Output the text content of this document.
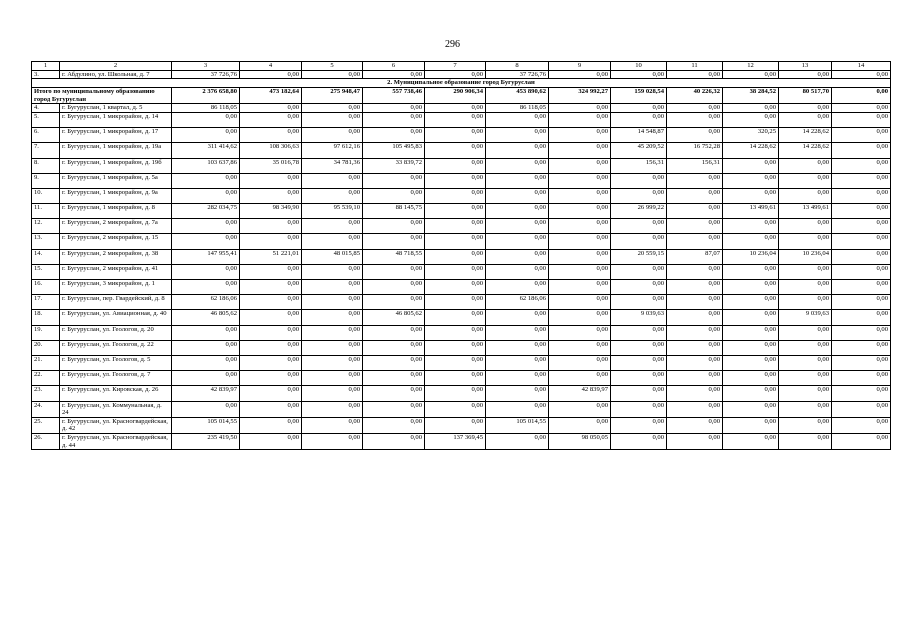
296
1	2	3	4	5	6	7	8	9	10	11	12	13	14
3.	г. Абдулино, ул. Школьная, д. 7	37 726,76	0,00	0,00	0,00	0,00	37 726,76	0,00	0,00	0,00	0,00	0,00	0,00
2. Муниципальное образование город Бугуруслан													
Итого по муниципальному образованию город Бугуруслан		2 376 658,80	473 182,64	275 948,47	557 738,46	290 906,34	453 890,62	324 992,27	159 028,54	40 226,32	38 284,52	80 517,70	0,00
4.	г. Бугуруслан, 1 квартал, д. 5	86 118,05	0,00	0,00	0,00	0,00	86 118,05	0,00	0,00	0,00	0,00	0,00	0,00
5.	г. Бугуруслан, 1 микрорайон, д. 14	0,00	0,00	0,00	0,00	0,00	0,00	0,00	0,00	0,00	0,00	0,00	0,00
6.	г. Бугуруслан, 1 микрорайон, д. 17	0,00	0,00	0,00	0,00	0,00	0,00	0,00	14 548,87	0,00	320,25	14 228,62	0,00
7.	г. Бугуруслан, 1 микрорайон, д. 19а	311 414,62	108 306,63	97 612,16	105 495,83	0,00	0,00	0,00	45 209,52	16 752,28	14 228,62	14 228,62	0,00
8.	г. Бугуруслан, 1 микрорайон, д. 19б	103 637,86	35 016,78	34 781,36	33 839,72	0,00	0,00	0,00	156,31	156,31	0,00	0,00	0,00
9.	г. Бугуруслан, 1 микрорайон, д. 5а	0,00	0,00	0,00	0,00	0,00	0,00	0,00	0,00	0,00	0,00	0,00	0,00
10.	г. Бугуруслан, 1 микрорайон, д. 9а	0,00	0,00	0,00	0,00	0,00	0,00	0,00	0,00	0,00	0,00	0,00	0,00
11.	г. Бугуруслан, 1 микрорайон, д. 8	282 034,75	98 349,90	95 539,10	88 145,75	0,00	0,00	0,00	26 999,22	0,00	13 499,61	13 499,61	0,00
12.	г. Бугуруслан, 2 микрорайон, д. 7а	0,00	0,00	0,00	0,00	0,00	0,00	0,00	0,00	0,00	0,00	0,00	0,00
13.	г. Бугуруслан, 2 микрорайон, д. 15	0,00	0,00	0,00	0,00	0,00	0,00	0,00	0,00	0,00	0,00	0,00	0,00
14.	г. Бугуруслан, 2 микрорайон, д. 38	147 955,41	51 221,01	48 015,85	48 718,55	0,00	0,00	0,00	20 559,15	87,07	10 236,04	10 236,04	0,00
15.	г. Бугуруслан, 2 микрорайон, д. 41	0,00	0,00	0,00	0,00	0,00	0,00	0,00	0,00	0,00	0,00	0,00	0,00
16.	г. Бугуруслан, 3 микрорайон, д. 1	0,00	0,00	0,00	0,00	0,00	0,00	0,00	0,00	0,00	0,00	0,00	0,00
17.	г. Бугуруслан, пер. Гвардейский, д. 8	62 186,06	0,00	0,00	0,00	0,00	62 186,06	0,00	0,00	0,00	0,00	0,00	0,00
18.	г. Бугуруслан, ул. Авиационная, д. 40	46 805,62	0,00	0,00	46 805,62	0,00	0,00	0,00	9 039,63	0,00	0,00	9 039,63	0,00
19.	г. Бугуруслан, ул. Геологов, д. 20	0,00	0,00	0,00	0,00	0,00	0,00	0,00	0,00	0,00	0,00	0,00	0,00
20.	г. Бугуруслан, ул. Геологов, д. 22	0,00	0,00	0,00	0,00	0,00	0,00	0,00	0,00	0,00	0,00	0,00	0,00
21.	г. Бугуруслан, ул. Геологов, д. 5	0,00	0,00	0,00	0,00	0,00	0,00	0,00	0,00	0,00	0,00	0,00	0,00
22.	г. Бугуруслан, ул. Геологов, д. 7	0,00	0,00	0,00	0,00	0,00	0,00	0,00	0,00	0,00	0,00	0,00	0,00
23.	г. Бугуруслан, ул. Кировская, д. 26	42 839,97	0,00	0,00	0,00	0,00	0,00	42 839,97	0,00	0,00	0,00	0,00	0,00
24.	г. Бугуруслан, ул. Коммунальная, д. 24	0,00	0,00	0,00	0,00	0,00	0,00	0,00	0,00	0,00	0,00	0,00	0,00
25.	г. Бугуруслан, ул. Красногвардейская, д. 42	105 014,55	0,00	0,00	0,00	0,00	105 014,55	0,00	0,00	0,00	0,00	0,00	0,00
26.	г. Бугуруслан, ул. Красногвардейская, д. 44	235 419,50	0,00	0,00	0,00	137 369,45	0,00	98 050,05	0,00	0,00	0,00	0,00	0,00
